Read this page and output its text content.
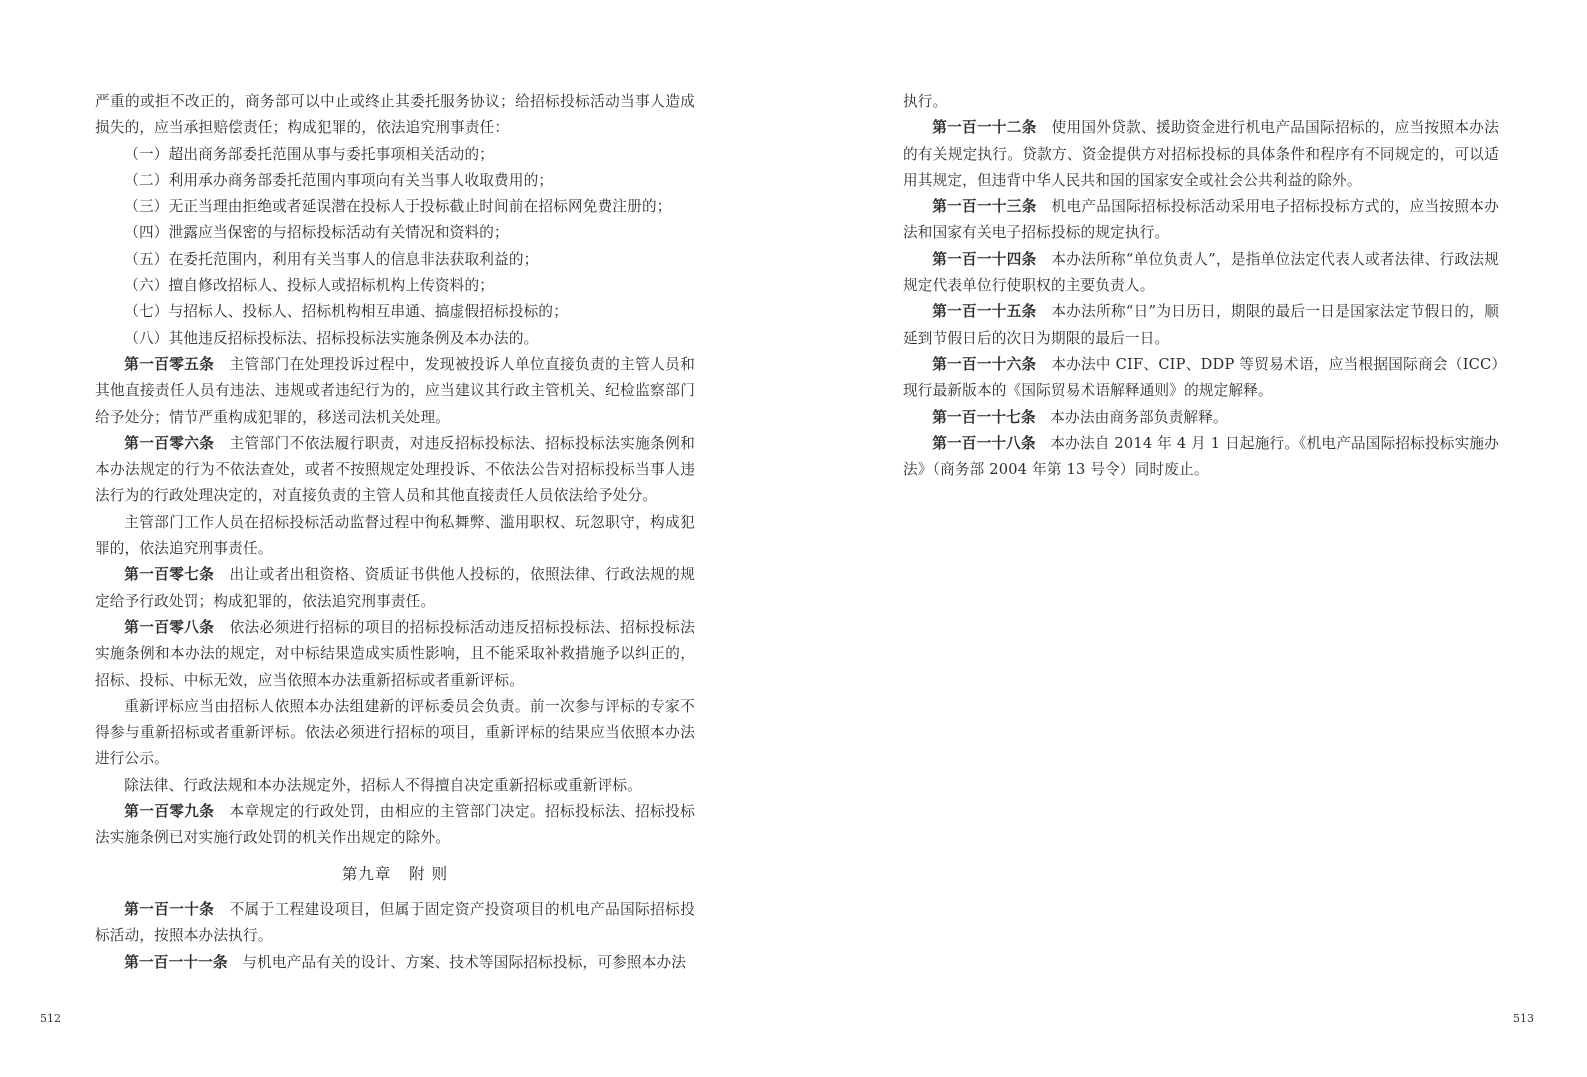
严重的或拒不改正的，商务部可以中止或终止其委托服务协议；给招标投标活动当事人造成损失的，应当承担赔偿责任；构成犯罪的，依法追究刑事责任：

（一）超出商务部委托范围从事与委托事项相关活动的；

（二）利用承办商务部委托范围内事项向有关当事人收取费用的；

（三）无正当理由拒绝或者延误潜在投标人于投标截止时间前在招标网免费注册的；

（四）泄露应当保密的与招标投标活动有关情况和资料的；

（五）在委托范围内，利用有关当事人的信息非法获取利益的；

（六）擅自修改招标人、投标人或招标机构上传资料的；

（七）与招标人、投标人、招标机构相互串通、搞虚假招标投标的；

（八）其他违反招标投标法、招标投标法实施条例及本办法的。

第一百零五条 主管部门在处理投诉过程中，发现被投诉人单位直接负责的主管人员和其他直接责任人员有违法、违规或者违纪行为的，应当建议其行政主管机关、纪检监察部门给予处分；情节严重构成犯罪的，移送司法机关处理。

第一百零六条 主管部门不依法履行职责，对违反招标投标法、招标投标法实施条例和本办法规定的行为不依法查处，或者不按照规定处理投诉、不依法公告对招标投标当事人违法行为的行政处理决定的，对直接负责的主管人员和其他直接责任人员依法给予处分。

主管部门工作人员在招标投标活动监督过程中徇私舞弊、滥用职权、玩忽职守，构成犯罪的，依法追究刑事责任。

第一百零七条 出让或者出租资格、资质证书供他人投标的，依照法律、行政法规的规定给予行政处罚；构成犯罪的，依法追究刑事责任。

第一百零八条 依法必须进行招标的项目的招标投标活动违反招标投标法、招标投标法实施条例和本办法的规定，对中标结果造成实质性影响，且不能采取补救措施予以纠正的，招标、投标、中标无效，应当依照本办法重新招标或者重新评标。

重新评标应当由招标人依照本办法组建新的评标委员会负责。前一次参与评标的专家不得参与重新招标或者重新评标。依法必须进行招标的项目，重新评标的结果应当依照本办法进行公示。

除法律、行政法规和本办法规定外，招标人不得擅自决定重新招标或重新评标。

第一百零九条 本章规定的行政处罚，由相应的主管部门决定。招标投标法、招标投标法实施条例已对实施行政处罚的机关作出规定的除外。

第九章   附 则

第一百一十条 不属于工程建设项目，但属于固定资产投资项目的机电产品国际招标投标活动，按照本办法执行。

第一百一十一条 与机电产品有关的设计、方案、技术等国际招标投标，可参照本办法

512

执行。

第一百一十二条 使用国外贷款、援助资金进行机电产品国际招标的，应当按照本办法的有关规定执行。贷款方、资金提供方对招标投标的具体条件和程序有不同规定的，可以适用其规定，但违背中华人民共和国的国家安全或社会公共利益的除外。

第一百一十三条 机电产品国际招标投标活动采用电子招标投标方式的，应当按照本办法和国家有关电子招标投标的规定执行。

第一百一十四条 本办法所称“单位负责人”，是指单位法定代表人或者法律、行政法规规定代表单位行使职权的主要负责人。

第一百一十五条 本办法所称“日”为日历日，期限的最后一日是国家法定节假日的，顺延到节假日后的次日为期限的最后一日。

第一百一十六条 本办法中 CIF、CIP、DDP 等贸易术语，应当根据国际商会（ICC）现行最新版本的《国际贸易术语解释通则》的规定解释。

第一百一十七条 本办法由商务部负责解释。

第一百一十八条 本办法自 2014 年 4 月 1 日起施行。《机电产品国际招标投标实施办法》（商务部 2004 年第 13 号令）同时废止。

513
